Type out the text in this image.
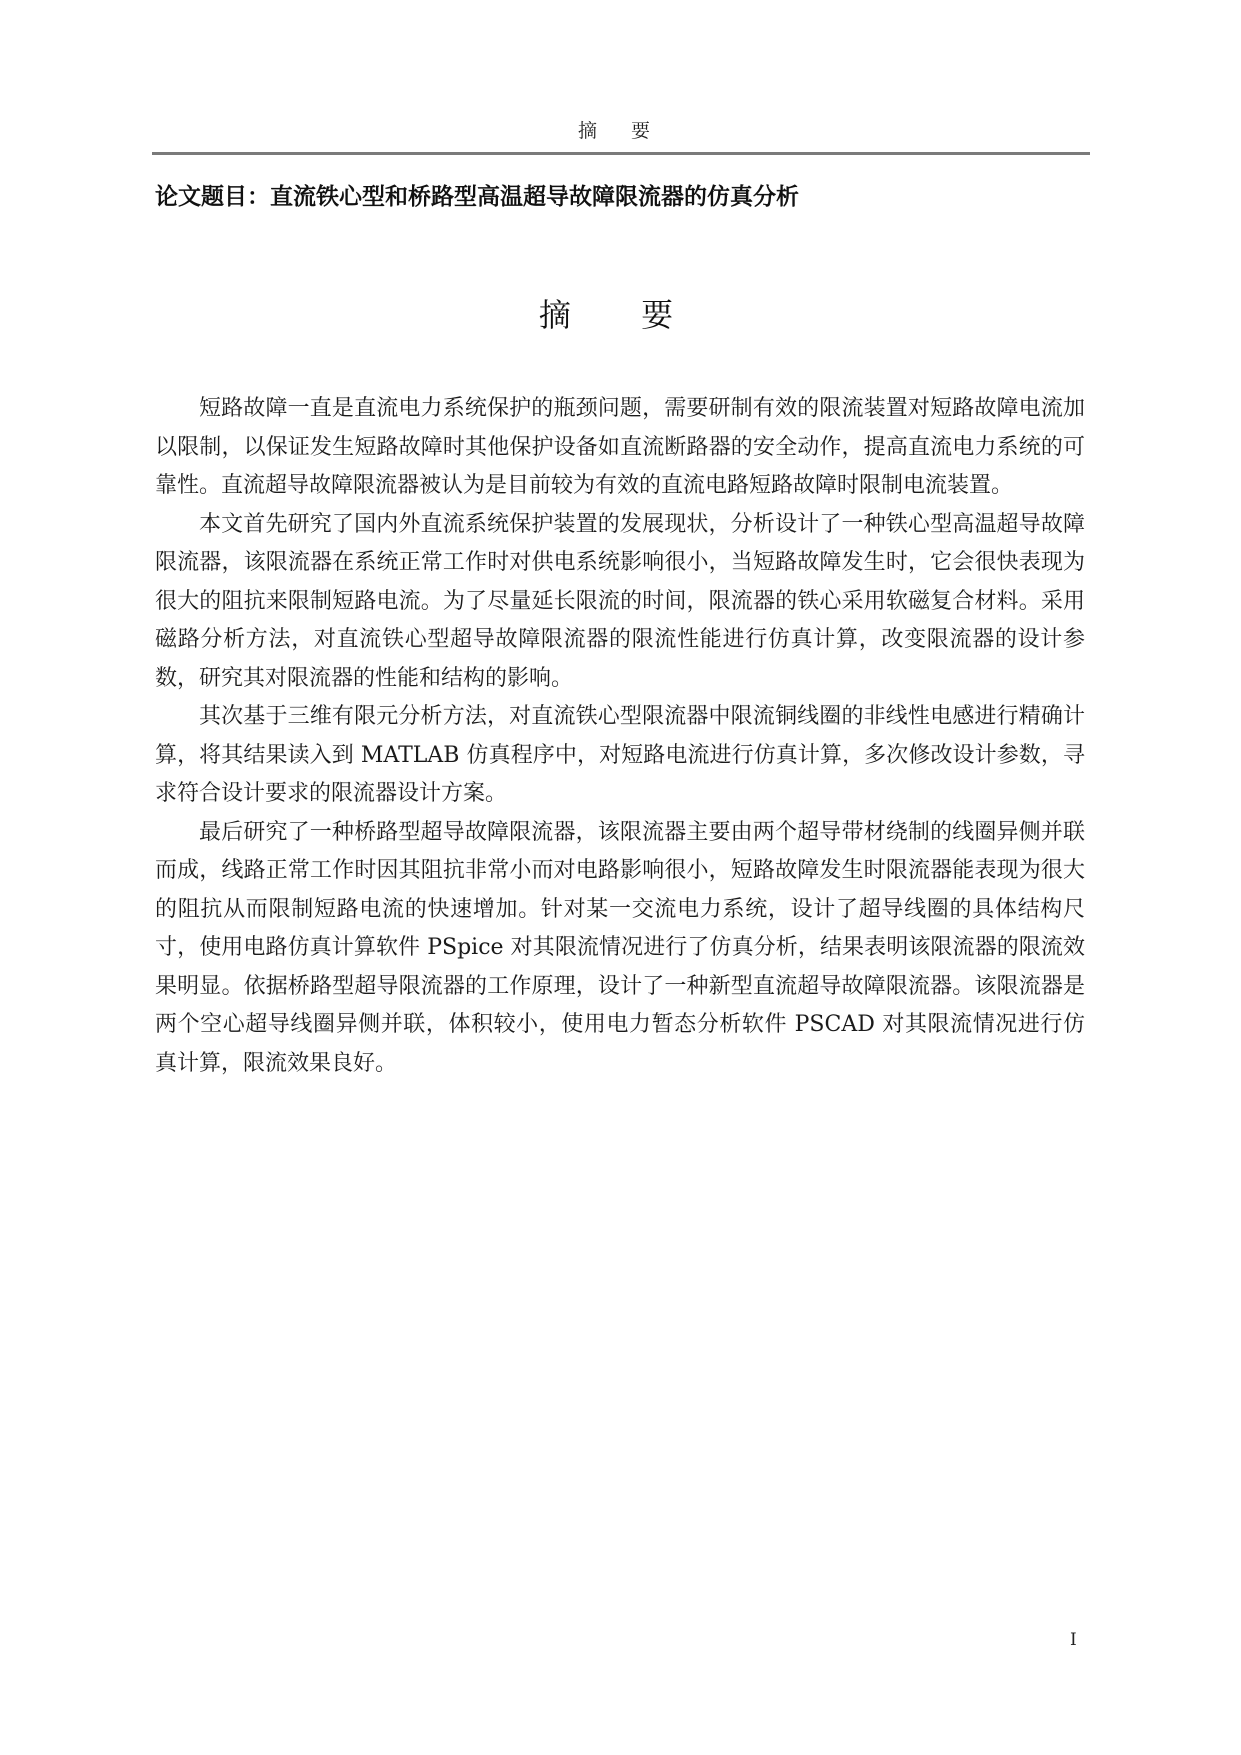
摘 要
论文题目：直流铁心型和桥路型高温超导故障限流器的仿真分析
摘 要

短路故障一直是直流电力系统保护的瓶颈问题，需要研制有效的限流装置对短路故障电流加以限制，以保证发生短路故障时其他保护设备如直流断路器的安全动作，提高直流电力系统的可靠性。直流超导故障限流器被认为是目前较为有效的直流电路短路故障时限制电流装置。

本文首先研究了国内外直流系统保护装置的发展现状，分析设计了一种铁心型高温超导故障限流器，该限流器在系统正常工作时对供电系统影响很小，当短路故障发生时，它会很快表现为很大的阻抗来限制短路电流。为了尽量延长限流的时间，限流器的铁心采用软磁复合材料。采用磁路分析方法，对直流铁心型超导故障限流器的限流性能进行仿真计算，改变限流器的设计参数，研究其对限流器的性能和结构的影响。

其次基于三维有限元分析方法，对直流铁心型限流器中限流铜线圈的非线性电感进行精确计算，将其结果读入到 MATLAB 仿真程序中，对短路电流进行仿真计算，多次修改设计参数，寻求符合设计要求的限流器设计方案。

最后研究了一种桥路型超导故障限流器，该限流器主要由两个超导带材绕制的线圈异侧并联而成，线路正常工作时因其阻抗非常小而对电路影响很小，短路故障发生时限流器能表现为很大的阻抗从而限制短路电流的快速增加。针对某一交流电力系统，设计了超导线圈的具体结构尺寸，使用电路仿真计算软件 PSpice 对其限流情况进行了仿真分析，结果表明该限流器的限流效果明显。依据桥路型超导限流器的工作原理，设计了一种新型直流超导故障限流器。该限流器是两个空心超导线圈异侧并联，体积较小，使用电力暂态分析软件 PSCAD 对其限流情况进行仿真计算，限流效果良好。

I
